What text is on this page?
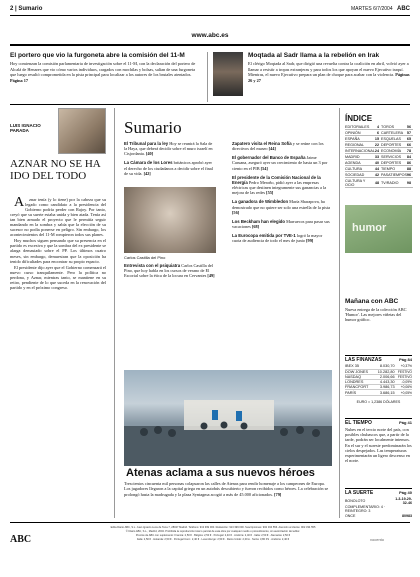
2 | Sumario	MARTES 6/7/2004 ABC
www.abc.es
El portero que vio la furgoneta abre la comisión del 11-M

Hoy comienzan la comisión parlamentaria de investigación sobre el 11-M, con la declaración del portero de Alcalá de Henares que vio cómo varios individuos, cargados con mochilas y bolsas, salían de una furgoneta que luego resultó comprometida en la pista principal para localizar a los autores de los brutales atentados. Página 17

Moqtada al Sadr llama a la rebelión en Irak

El clérigo Moqtada al Sadr, que dirigió una revuelta contra la coalición en abril, volvió ayer a llamar a resistir a tropas extranjeras y para todos los que apoyan el nuevo Ejecutivo iraquí. Mientras, el nuevo Ejecutivo prepara un plan de choque para acabar con la violencia. Páginas 26 y 27

LUIS IGNACIO PARADA
AZNAR NO SE HA IDO DEL TODO

Aznar tenía (y lo tiene) por la cabeza que su legado como candidato a la presidencia del Gobierno podría perder con Rajoy. Por tanto, creyó que su suerte estaba unida y bien atada. Tenía así tan bien armado el proyecto que le permitía seguir mandando en la sombra y sabía que la elección de su sucesor no podía ponerse en peligro. Sin embargo, los acontecimientos del 11-M rompieron todos sus planes.

Hoy muchos siguen pensando que su presencia en el partido es excesiva y que la sombra del ex presidente se alarga demasiado sobre el PP. Los últimos cuatro meses, sin embargo, demuestran que la oposición ha tenido dificultades para encontrar su propio espacio.

El presidente dijo ayer que el Gobierno comenzará el nuevo curso tranquilamente. Pero la política no perdona, y Aznar, mientras tanto, se mantiene en su retiro, pendiente de lo que suceda en la renovación del partido y en el próximo congreso.

Sumario
El Tribunal para la ley Hoy se reunirá la Sala de la Haya, que deberá decidir sobre el muro israelí en Cisjordania. [40]
La Cámara de los Lores británicos aprobó ayer el derecho de los ciudadanos a decidir sobre el final de su vida. [42]
Carlos Castilla del Pino
Entrevista con el psiquiatra Carlos Castilla del Pino, que hoy habla en los cursos de verano de El Escorial sobre la ética de la locura en Cervantes [49]
Zapatero visita el Reina Sofía y se reúne con los directivos del museo [44]
El gobernador del Banco de España Jaime Caruana, aseguró ayer un crecimiento de hasta un 3 por ciento en el PIB [54]
El presidente de la Comisión Nacional de la Energía Pedro Meroño, pidió ayer a las empresas eléctricas que destinen integramente sus ganancias a la mejora de las redes [55]
La ganadora de Wimbledon María Sharapova, ha demostrado que no quiere ser solo una estrella de la pista [56]
Los Beckham han elegido Marruecos para pasar sus vacaciones [68]
La Eurocopa emitida por TVE-1 logró la mayor cuota de audiencia de todo el mes de junio [99]
Atenas aclama a sus nuevos héroes
Trescientos cincuenta mil personas colapsaron las calles de Atenas para rendir homenaje a los campeones de Europa. Los jugadores llegaron a la capital griega en un autobús descubierto y fueron recibidos como héroes. La celebración se prolongó hasta la madrugada y la plaza Syntagma acogió a más de 45.000 aficionados. [79]
ÍNDICE
EDITORIALES	4	TOROS	56
OPINIÓN	6	CARTELERA	57
ESPAÑA	15	ESQUELAS	65
REGIONAL	22	DEPORTES	66
INTERNACIONAL	24	ECONOMÍA	78
MADRID	33	SERVICIOS	84
AGENDA	40	DEPORTES	86
CULTURA	44	TIEMPO	88
SOCIEDAD	42	PASATIEMPOS	96
CULTURA Y OCIO	48	TV/RADIO	98
humor
Mañana con ABC
Nueva entrega de la colección ABC 'Humor'. Las mejores viñetas del humor gráfico.
LAS FINANZAS	Pág 84
IBEX 35	8.030,70	+0,37%
DOW JONES	10.282,80	FESTIVO
NASDAQ	2.006,66	FESTIVO
LONDRES	4.443,30	-0,09%
FRANCFORT	3.986,73	+0,06%
PARÍS	3.686,15	+0,05%
EURO = 1,2386 DÓLARES
EL TIEMPO	Pág 41
Nubes en el tercio norte del país, con posibles chubascos que, a partir de la tarde, podrán ser localmente intensos. En el sur y el sureste predominarán los cielos despejados. Las temperaturas experimentarán un ligero descenso en el norte.
LA SUERTE	Pág 40
BONOLOTO	1-3-19-29-32-46
COMPLEMENTARIO: 4 · REINTEGRO: 3	
ONCE	80983
ABC
Edita Diario ABC, S.L. Juan Ignacio Luca de Tena 7, 28027 Madrid. Teléfono: 913 399 000. Redacción: 913 399 000. Suscripciones: 902 334 556. Atención al cliente: 902 334 555
© Diario ABC, S.L., Madrid, 2004. Prohibida la reproducción total o parcial de esta obra por cualquier medio o procedimiento, sin autorización del editor.
Precios de ABC con suplemento: Francia: 2,50 € · Bélgica: 2,50 € · Portugal: 2,40 € · Andorra: 2,40 € · Italia: 2,50 € · Alemania: 2,50 €
Italia: 2,50 € · Holanda: 2,50 € · Portugal Cont.: 2,40 € · Luxemburgo: 2,50 € · Reino Unido: 2,00 £ · Suiza: 3,80 FS · Andorra: 2,40 €	vocento
